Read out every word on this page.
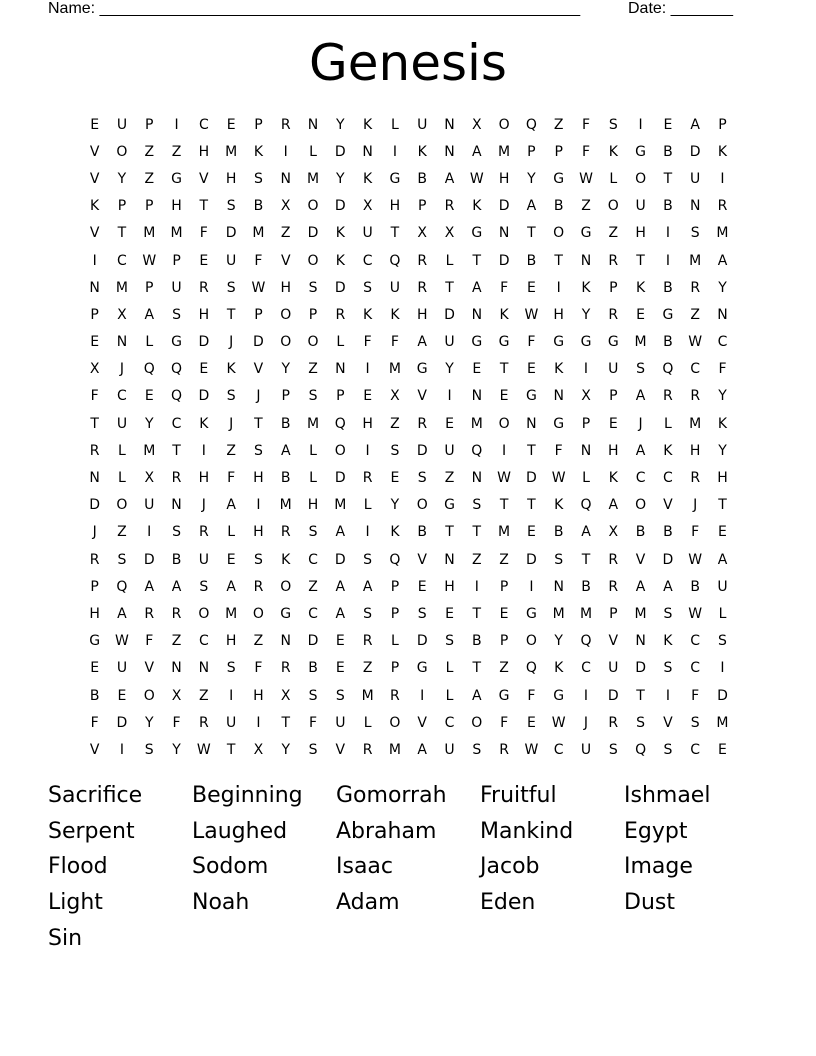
Name: ______________________________________________________

	Date: _______

Genesis
E	U	P	I	C	E	P	R	N	Y	K	L	U	N	X	O	Q	Z	F	S	I	E	A	P
V	O	Z	Z	H	M	K	I	L	D	N	I	K	N	A	M	P	P	F	K	G	B	D	K
V	Y	Z	G	V	H	S	N	M	Y	K	G	B	A	W	H	Y	G	W	L	O	T	U	I
K	P	P	H	T	S	B	X	O	D	X	H	P	R	K	D	A	B	Z	O	U	B	N	R
V	T	M	M	F	D	M	Z	D	K	U	T	X	X	G	N	T	O	G	Z	H	I	S	M
I	C	W	P	E	U	F	V	O	K	C	Q	R	L	T	D	B	T	N	R	T	I	M	A
N	M	P	U	R	S	W	H	S	D	S	U	R	T	A	F	E	I	K	P	K	B	R	Y
P	X	A	S	H	T	P	O	P	R	K	K	H	D	N	K	W	H	Y	R	E	G	Z	N
E	N	L	G	D	J	D	O	O	L	F	F	A	U	G	G	F	G	G	G	M	B	W	C
X	J	Q	Q	E	K	V	Y	Z	N	I	M	G	Y	E	T	E	K	I	U	S	Q	C	F
F	C	E	Q	D	S	J	P	S	P	E	X	V	I	N	E	G	N	X	P	A	R	R	Y
T	U	Y	C	K	J	T	B	M	Q	H	Z	R	E	M	O	N	G	P	E	J	L	M	K
R	L	M	T	I	Z	S	A	L	O	I	S	D	U	Q	I	T	F	N	H	A	K	H	Y
N	L	X	R	H	F	H	B	L	D	R	E	S	Z	N	W	D	W	L	K	C	C	R	H
D	O	U	N	J	A	I	M	H	M	L	Y	O	G	S	T	T	K	Q	A	O	V	J	T
J	Z	I	S	R	L	H	R	S	A	I	K	B	T	T	M	E	B	A	X	B	B	F	E
R	S	D	B	U	E	S	K	C	D	S	Q	V	N	Z	Z	D	S	T	R	V	D	W	A
P	Q	A	A	S	A	R	O	Z	A	A	P	E	H	I	P	I	N	B	R	A	A	B	U
H	A	R	R	O	M	O	G	C	A	S	P	S	E	T	E	G	M	M	P	M	S	W	L
G	W	F	Z	C	H	Z	N	D	E	R	L	D	S	B	P	O	Y	Q	V	N	K	C	S
E	U	V	N	N	S	F	R	B	E	Z	P	G	L	T	Z	Q	K	C	U	D	S	C	I
B	E	O	X	Z	I	H	X	S	S	M	R	I	L	A	G	F	G	I	D	T	I	F	D
F	D	Y	F	R	U	I	T	F	U	L	O	V	C	O	F	E	W	J	R	S	V	S	M
V	I	S	Y	W	T	X	Y	S	V	R	M	A	U	S	R	W	C	U	S	Q	S	C	E
Sacrifice	Beginning	Gomorrah	Fruitful	Ishmael
Serpent	Laughed	Abraham	Mankind	Egypt
Flood	Sodom	Isaac	Jacob	Image
Light	Noah	Adam	Eden	Dust
Sin
